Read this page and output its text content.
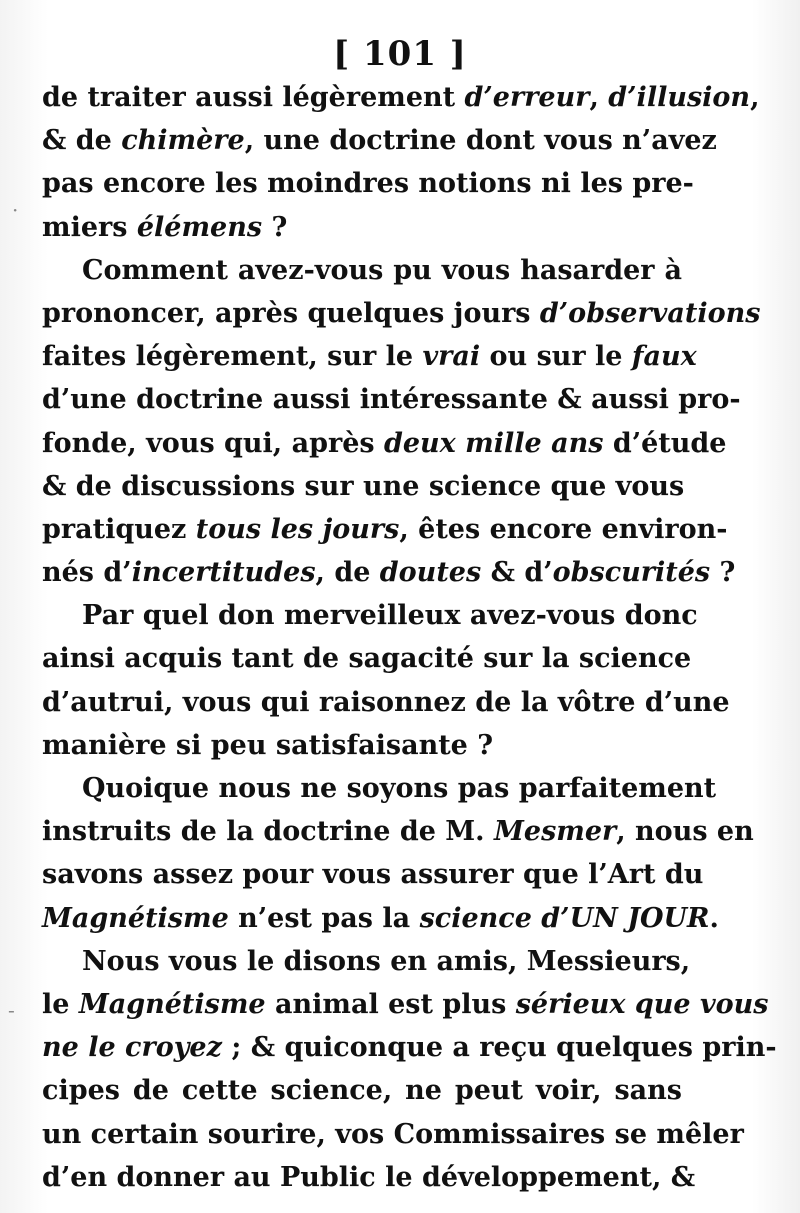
[ 101 ]
de traiter aussi légèrement d’erreur, d’illusion,
& de chimère, une doctrine dont vous n’avez
pas encore les moindres notions ni les pre-
miers élémens ?
Comment avez-vous pu vous hasarder à
prononcer, après quelques jours d’observations
faites légèrement, sur le vrai ou sur le faux
d’une doctrine aussi intéressante & aussi pro-
fonde, vous qui, après deux mille ans d’étude
& de discussions sur une science que vous
pratiquez tous les jours, êtes encore environ-
nés d’incertitudes, de doutes & d’obscurités ?
Par quel don merveilleux avez-vous donc
ainsi acquis tant de sagacité sur la science
d’autrui, vous qui raisonnez de la vôtre d’une
manière si peu satisfaisante ?
Quoique nous ne soyons pas parfaitement
instruits de la doctrine de M. Mesmer, nous en
savons assez pour vous assurer que l’Art du
Magnétisme n’est pas la science d’UN JOUR.
Nous vous le disons en amis, Messieurs,
le Magnétisme animal est plus sérieux que vous
ne le croyez ; & quiconque a reçu quelques prin-
cipes de cette science, ne peut voir, sans
un certain sourire, vos Commissaires se mêler
d’en donner au Public le développement, &
·
-
